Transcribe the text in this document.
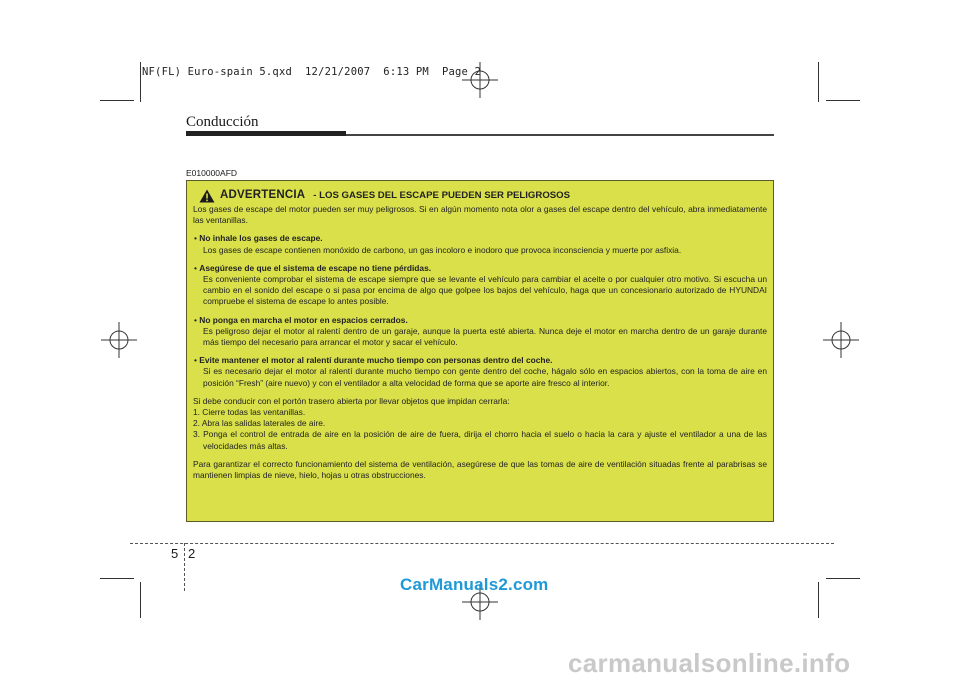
NF(FL) Euro-spain 5.qxd  12/21/2007  6:13 PM  Page 2
Conducción
E010000AFD
ADVERTENCIA - LOS GASES DEL ESCAPE PUEDEN SER PELIGROSOS

Los gases de escape del motor pueden ser muy peligrosos. Si en algún momento nota olor a gases del escape dentro del vehículo, abra inmediatamente las ventanillas.

• No inhale los gases de escape.

Los gases de escape contienen monóxido de carbono, un gas incoloro e inodoro que provoca inconsciencia y muerte por asfixia.

• Asegúrese de que el sistema de escape no tiene pérdidas.

Es conveniente comprobar el sistema de escape siempre que se levante el vehículo para cambiar el aceite o por cualquier otro motivo. Si escucha un cambio en el sonido del escape o si pasa por encima de algo que golpee los bajos del vehículo, haga que un concesionario autorizado de HYUNDAI compruebe el sistema de escape lo antes posible.

• No ponga en marcha el motor en espacios cerrados.

Es peligroso dejar el motor al ralentí dentro de un garaje, aunque la puerta esté abierta. Nunca deje el motor en marcha dentro de un garaje durante más tiempo del necesario para arrancar el motor y sacar el vehículo.

• Evite mantener el motor al ralentí durante mucho tiempo con personas dentro del coche.

Si es necesario dejar el motor al ralentí durante mucho tiempo con gente dentro del coche, hágalo sólo en espacios abiertos, con la toma de aire en posición “Fresh” (aire nuevo) y con el ventilador a alta velocidad de forma que se aporte aire fresco al interior.

Si debe conducir con el portón trasero abierta por llevar objetos que impidan cerrarla:

1. Cierre todas las ventanillas.

2. Abra las salidas laterales de aire.

3. Ponga el control de entrada de aire en la posición de aire de fuera, dirija el chorro hacia el suelo o hacia la cara y ajuste el ventilador a una de las velocidades más altas.

Para garantizar el correcto funcionamiento del sistema de ventilación, asegúrese de que las tomas de aire de ventilación situadas frente al parabrisas se mantienen limpias de nieve, hielo, hojas u otras obstrucciones.

5 2
CarManuals2.com
carmanualsonline.info
